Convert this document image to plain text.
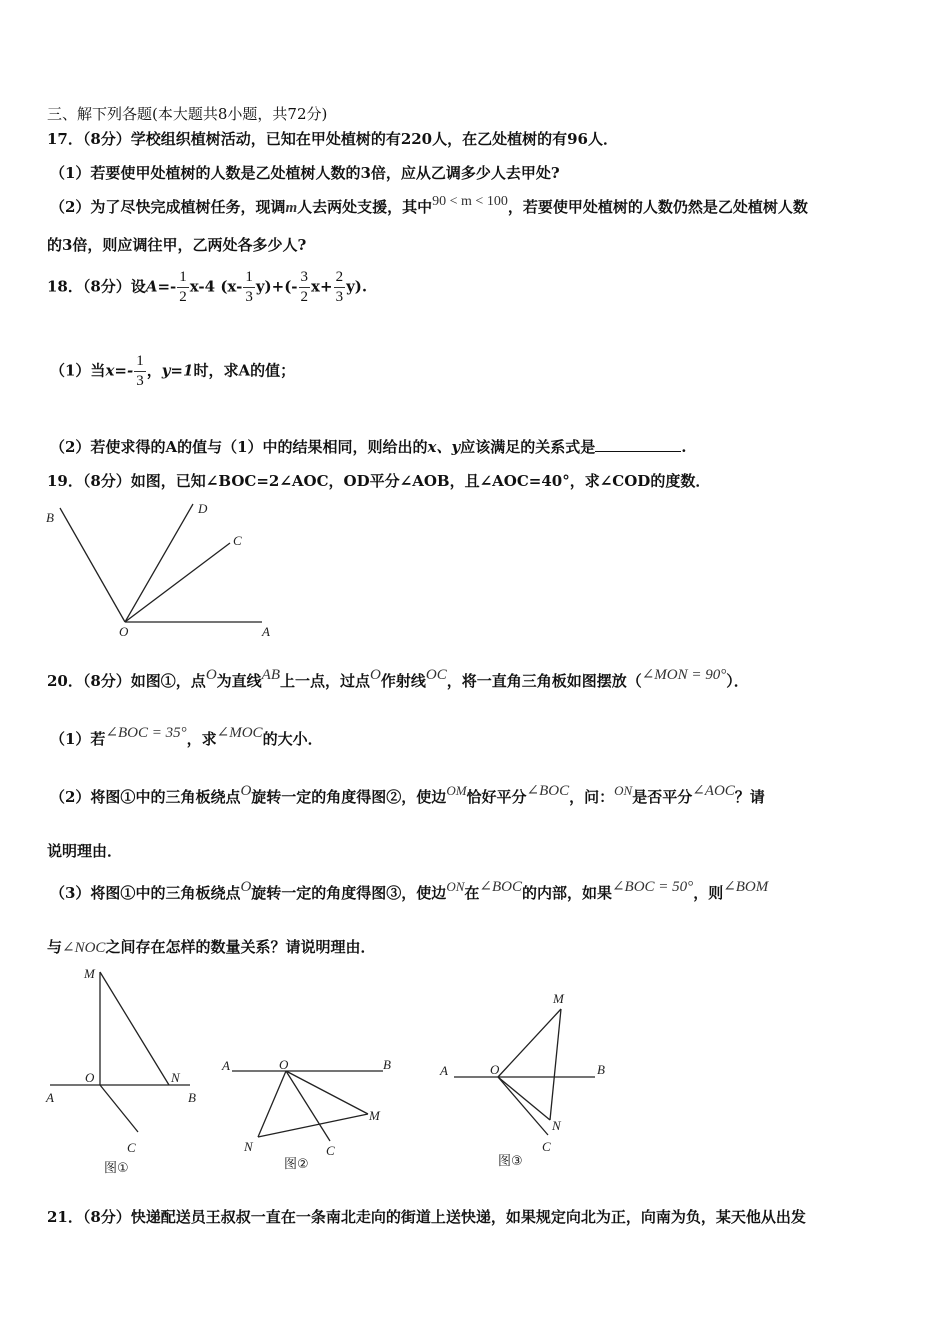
三、解下列各题(本大题共8小题，共72分)
17．（8分）学校组织植树活动，已知在甲处植树的有220人，在乙处植树的有96人．
（1）若要使甲处植树的人数是乙处植树人数的3倍，应从乙调多少人去甲处?
（2）为了尽快完成植树任务，现调m人去两处支援，其中90 < m < 100，若要使甲处植树的人数仍然是乙处植树人数
的3倍，则应调往甲，乙两处各多少人?
18．（8分）设$A=- \frac{1}{2} x-4$ $(x- \frac{1}{3} y)+(- \frac{3}{2} x+ \frac{2}{3} y)$.
（1）当$x=- \frac{1}{3}$ ，y=1时，求A的值；
（2）若使求得的A的值与（1）中的结果相同，则给出的x、y应该满足的关系式是	.
19．（8分）如图，已知∠BOC=2∠AOC，OD平分∠AOB，且∠AOC=40°，求∠COD的度数．
B
D
C
O	A
20．（8分）如图①，点O为直线AB上一点，过点O作射线OC，将一直角三角板如图摆放（∠MON = 90°）．
（1）若∠BOC = 35°，求∠MOC的大小．
（2）将图①中的三角板绕点O旋转一定的角度得图②，使边OM恰好平分∠BOC，问：ON是否平分∠AOC？请
说明理由．
（3）将图①中的三角板绕点O旋转一定的角度得图③，使边ON在∠BOC的内部，如果∠BOC = 50°，则∠BOM
与∠NOC之间存在怎样的数量关系？请说明理由．
M
O	N
A	B
C
图①
A	O	B
M
N	C
图②
M
A	O	B
N
C
图③
21．（8分）快递配送员王叔叔一直在一条南北走向的街道上送快递，如果规定向北为正，向南为负，某天他从出发
